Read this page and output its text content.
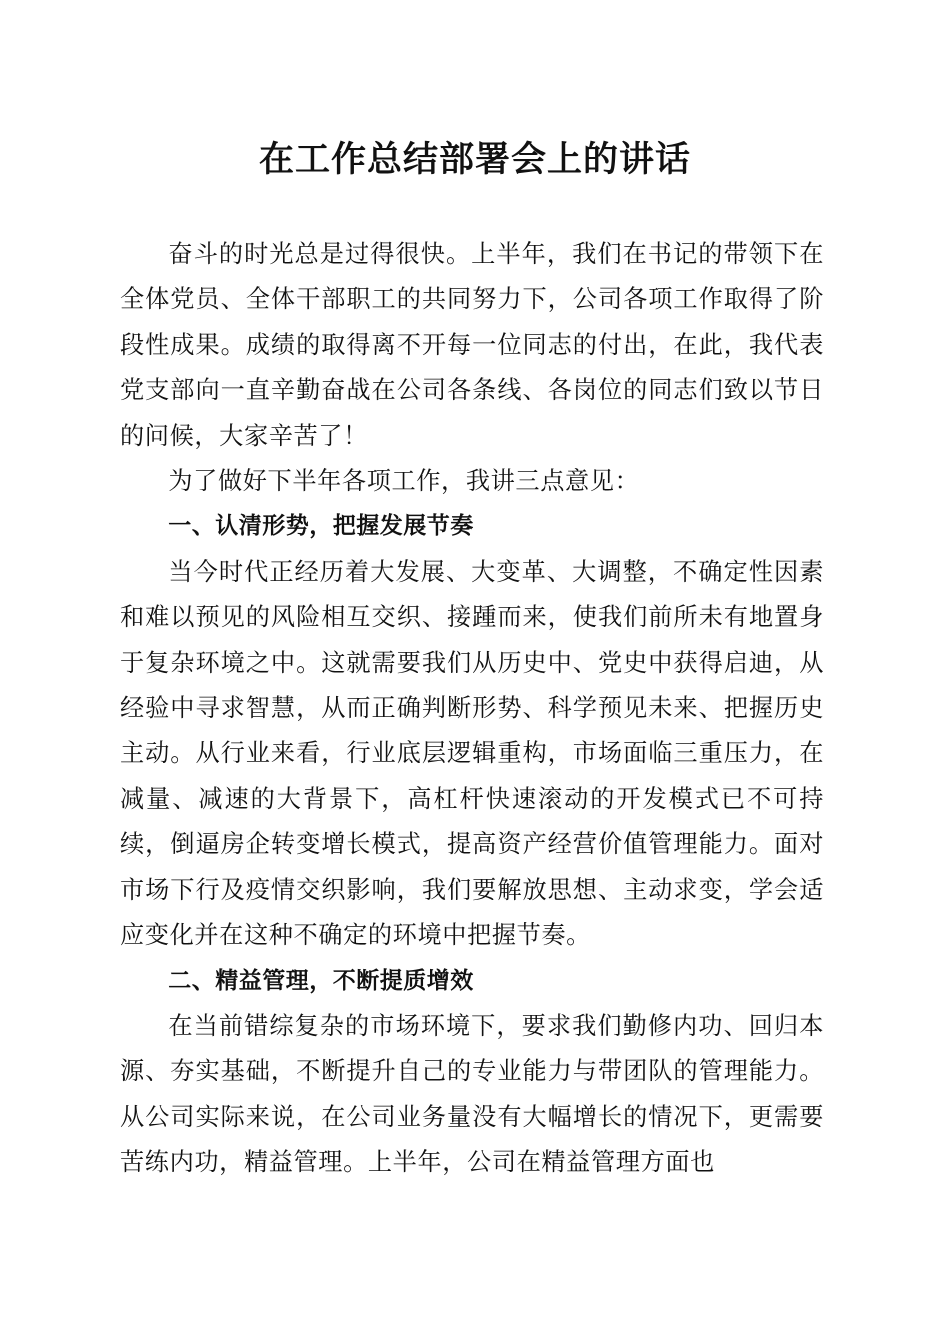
在工作总结部署会上的讲话

奋斗的时光总是过得很快。上半年，我们在书记的带领下在全体党员、全体干部职工的共同努力下，公司各项工作取得了阶段性成果。成绩的取得离不开每一位同志的付出，在此，我代表党支部向一直辛勤奋战在公司各条线、各岗位的同志们致以节日的问候，大家辛苦了！

为了做好下半年各项工作，我讲三点意见：

一、认清形势，把握发展节奏

当今时代正经历着大发展、大变革、大调整，不确定性因素和难以预见的风险相互交织、接踵而来，使我们前所未有地置身于复杂环境之中。这就需要我们从历史中、党史中获得启迪，从经验中寻求智慧，从而正确判断形势、科学预见未来、把握历史主动。从行业来看，行业底层逻辑重构，市场面临三重压力，在减量、减速的大背景下，高杠杆快速滚动的开发模式已不可持续，倒逼房企转变增长模式，提高资产经营价值管理能力。面对市场下行及疫情交织影响，我们要解放思想、主动求变，学会适应变化并在这种不确定的环境中把握节奏。

二、精益管理，不断提质增效

在当前错综复杂的市场环境下，要求我们勤修内功、回归本源、夯实基础，不断提升自己的专业能力与带团队的管理能力。从公司实际来说，在公司业务量没有大幅增长的情况下，更需要苦练内功，精益管理。上半年，公司在精益管理方面也
